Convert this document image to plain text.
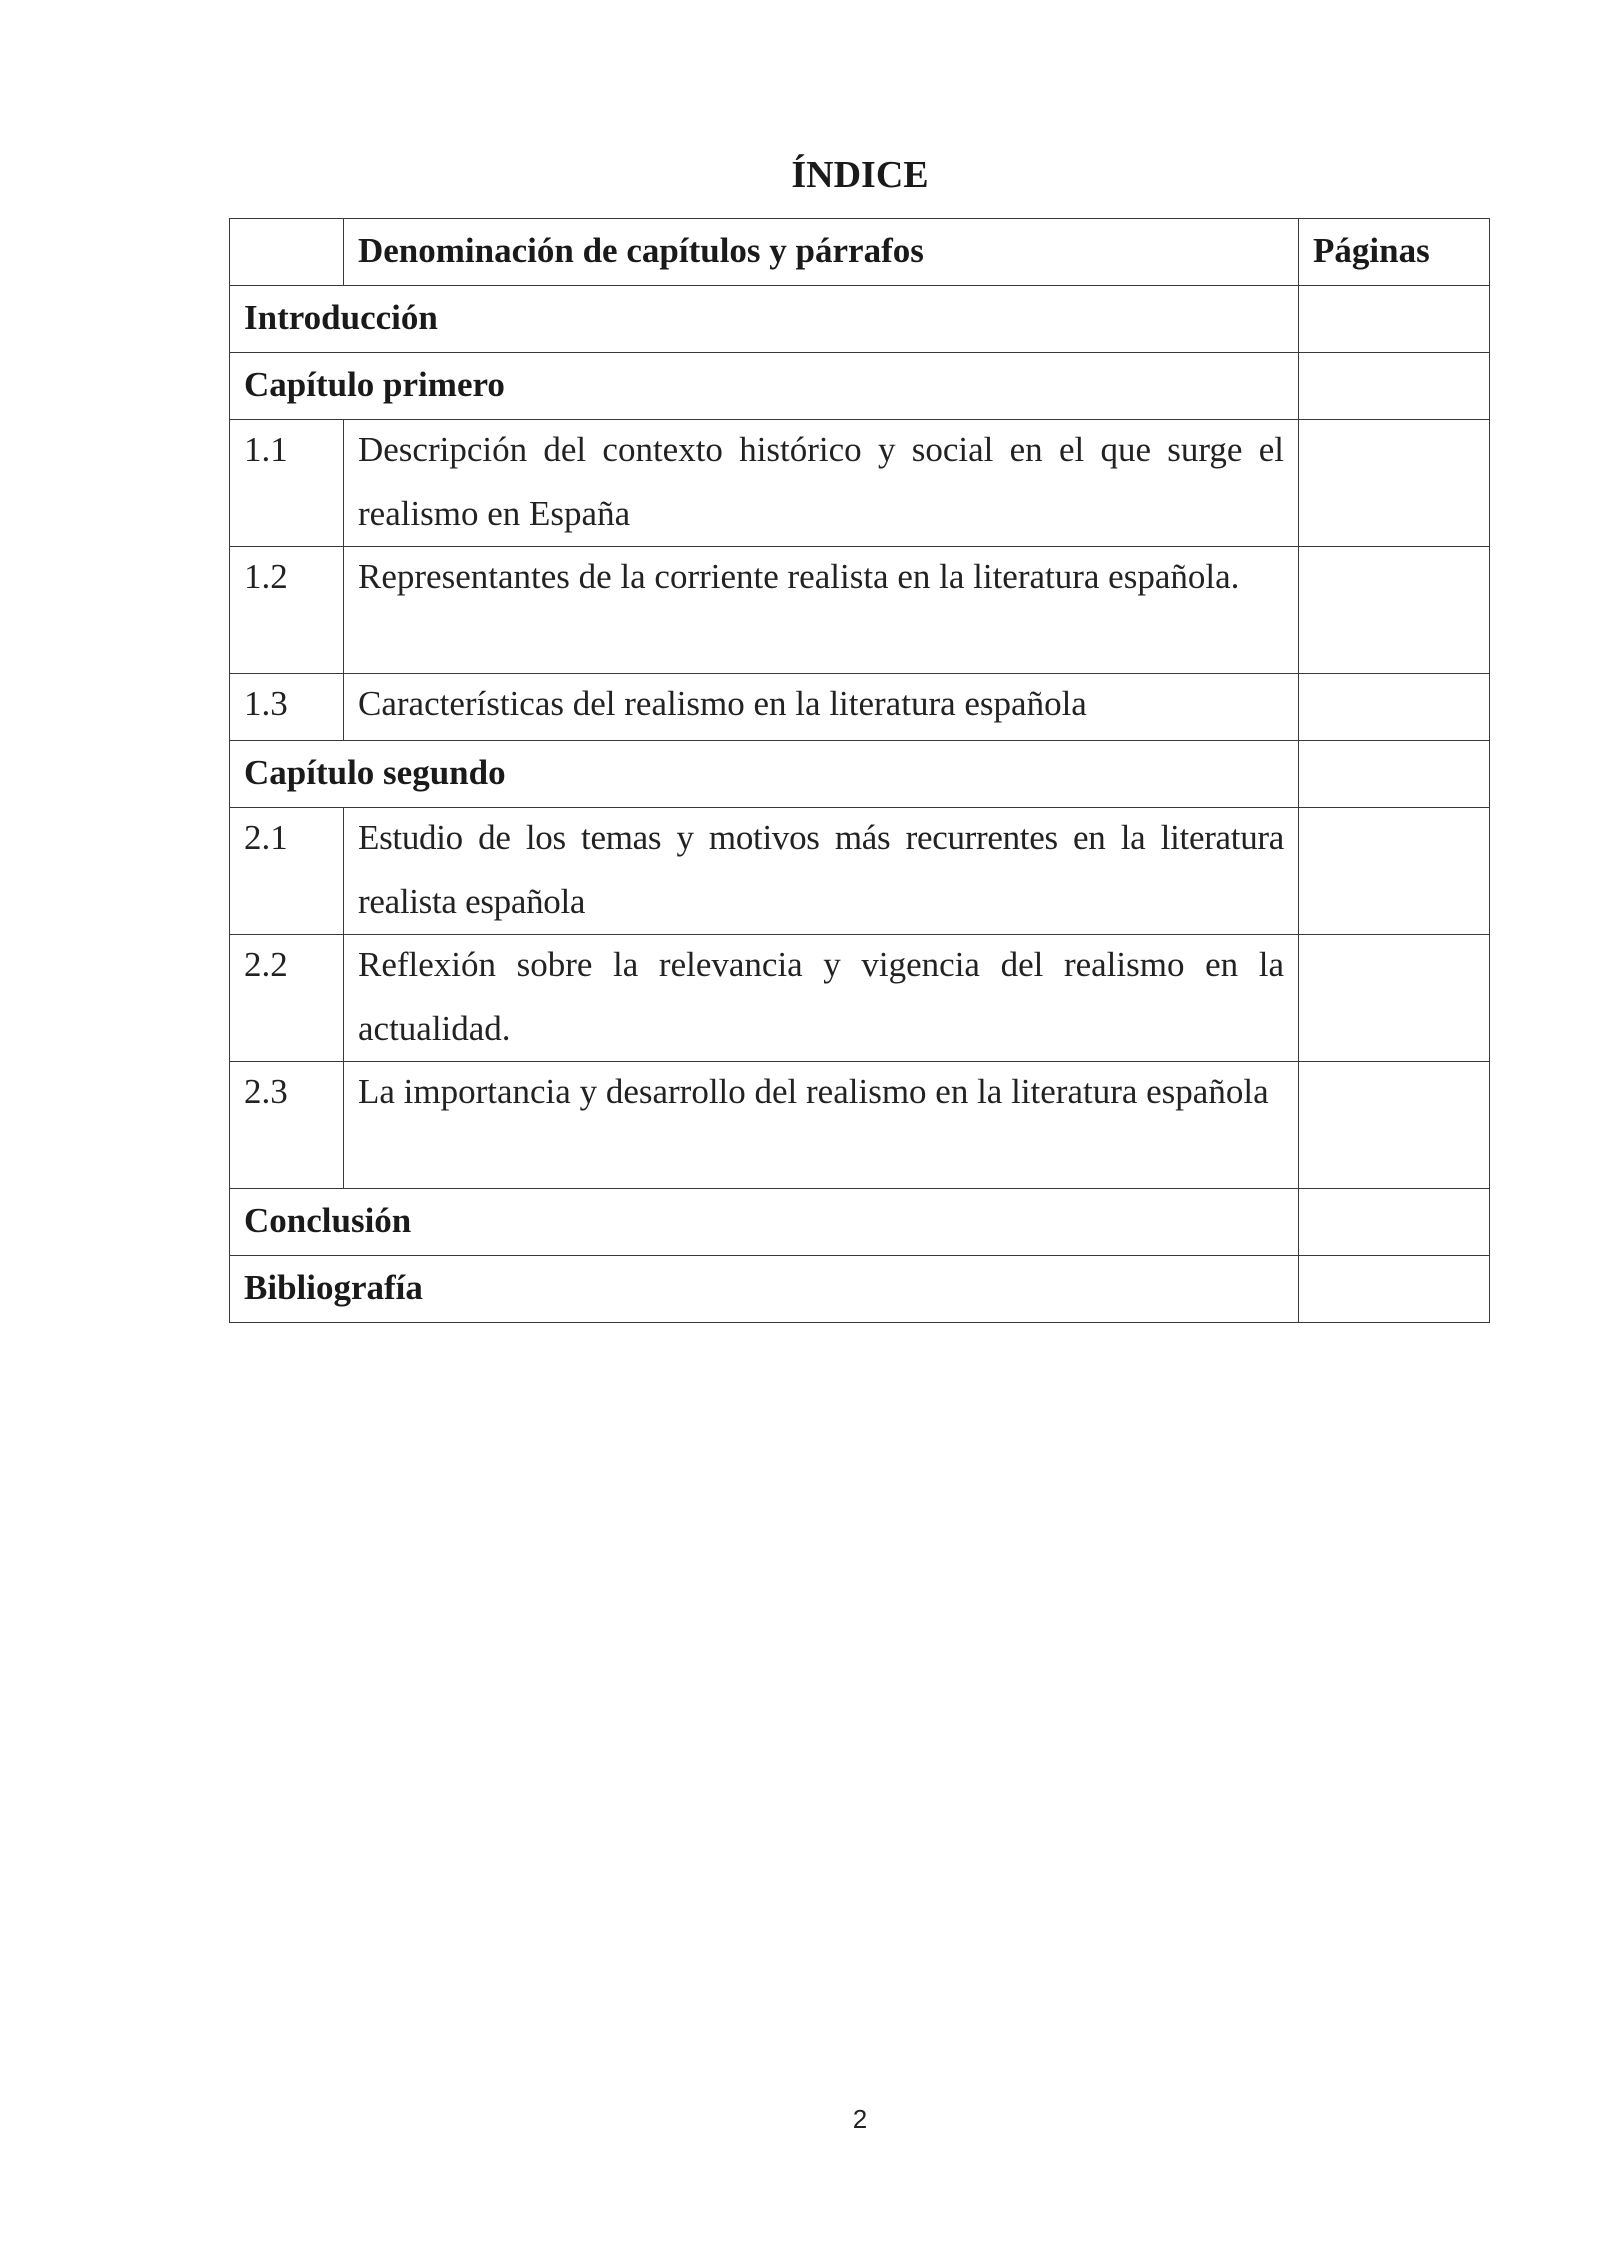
ÍNDICE

	Denominación de capítulos y párrafos	Páginas

Introducción		

Capítulo primero		

1.1	Descripción del contexto histórico y social en el que surge el realismo en España	

1.2	Representantes de la corriente realista en la literatura española.	

1.3	Características del realismo en la literatura española	

Capítulo segundo		

2.1	Estudio de los temas y motivos más recurrentes en la literatura realista española	

2.2	Reflexión sobre la relevancia y vigencia del realismo en la actualidad.	

2.3	La importancia y desarrollo del realismo en la literatura española	

Conclusión		

Bibliografía		

2
